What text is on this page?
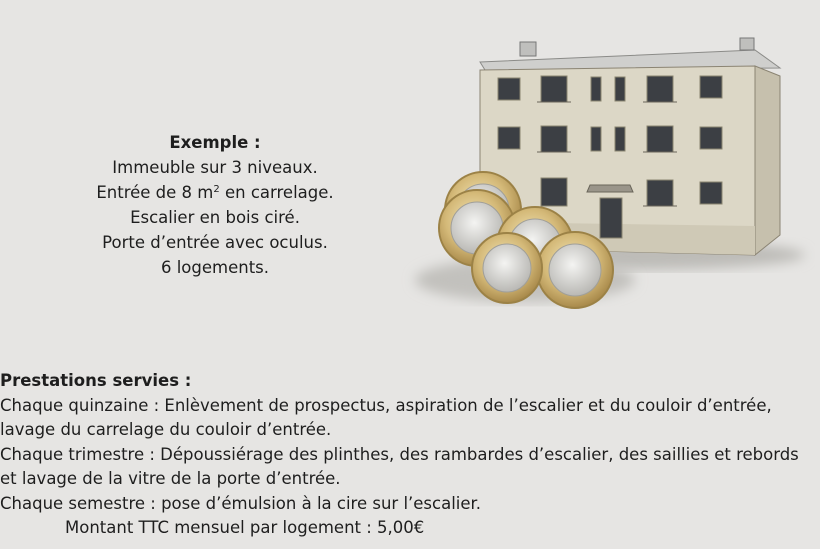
Exemple :
Immeuble sur 3 niveaux.
Entrée de 8 $m^2$ en carrelage.
Escalier en bois ciré.
Porte d’entrée avec oculus.
6 logements.
Prestations servies :
Chaque quinzaine : Enlèvement de prospectus, aspiration de l’escalier et du couloir d’entrée,
lavage du carrelage du couloir d’entrée.
Chaque trimestre : Dépoussiérage des plinthes, des rambardes d’escalier, des saillies et rebords
et lavage de la vitre de la porte d’entrée.
Chaque semestre : pose d’émulsion à la cire sur l’escalier.
Montant TTC mensuel par logement : 5,00€
